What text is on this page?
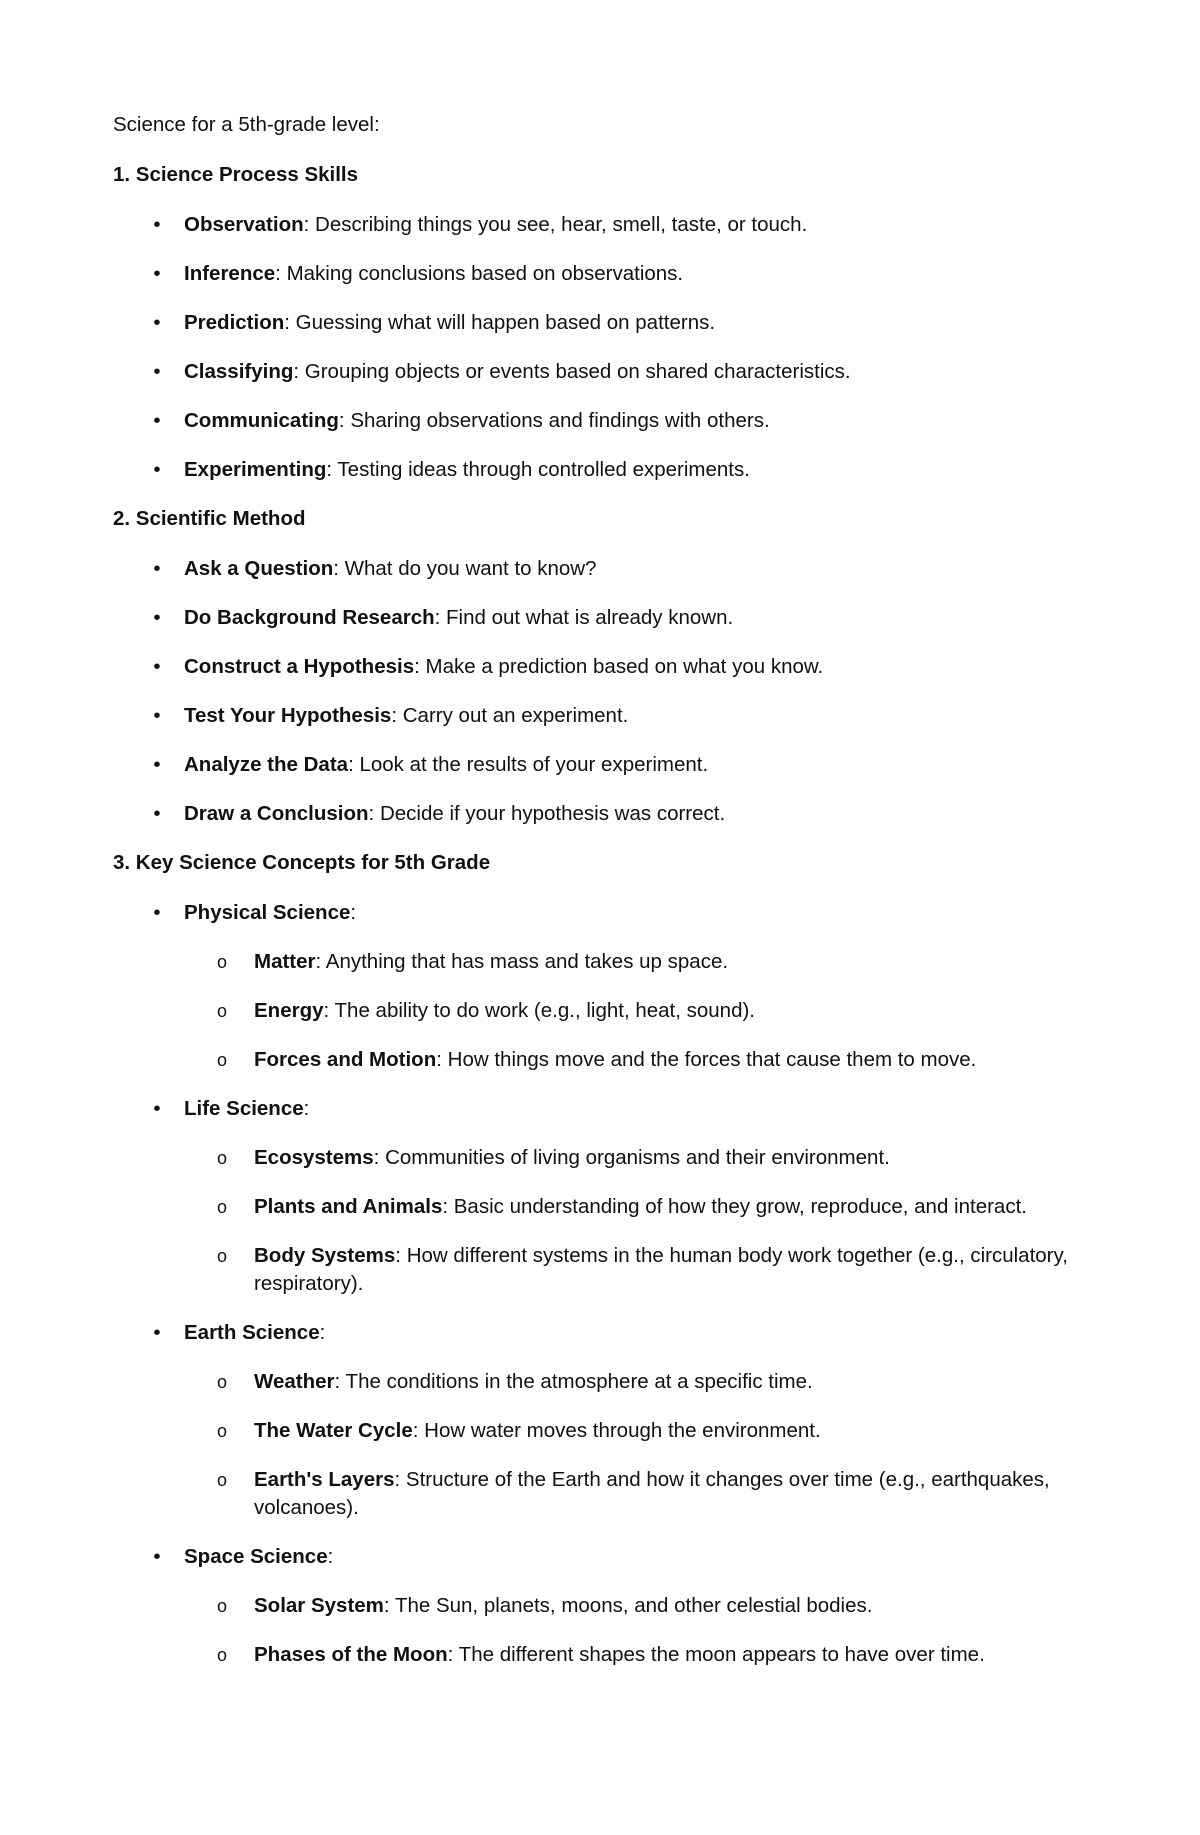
Science for a 5th-grade level:

1. Science Process Skills

• Observation: Describing things you see, hear, smell, taste, or touch.
• Inference: Making conclusions based on observations.
• Prediction: Guessing what will happen based on patterns.
• Classifying: Grouping objects or events based on shared characteristics.
• Communicating: Sharing observations and findings with others.
• Experimenting: Testing ideas through controlled experiments.

2. Scientific Method

• Ask a Question: What do you want to know?
• Do Background Research: Find out what is already known.
• Construct a Hypothesis: Make a prediction based on what you know.
• Test Your Hypothesis: Carry out an experiment.
• Analyze the Data: Look at the results of your experiment.
• Draw a Conclusion: Decide if your hypothesis was correct.

3. Key Science Concepts for 5th Grade

• Physical Science:
o Matter: Anything that has mass and takes up space.
o Energy: The ability to do work (e.g., light, heat, sound).
o Forces and Motion: How things move and the forces that cause them to move.
• Life Science:
o Ecosystems: Communities of living organisms and their environment.
o Plants and Animals: Basic understanding of how they grow, reproduce, and interact.
o Body Systems: How different systems in the human body work together (e.g., circulatory, respiratory).
• Earth Science:
o Weather: The conditions in the atmosphere at a specific time.
o The Water Cycle: How water moves through the environment.
o Earth's Layers: Structure of the Earth and how it changes over time (e.g., earthquakes, volcanoes).
• Space Science:
o Solar System: The Sun, planets, moons, and other celestial bodies.
o Phases of the Moon: The different shapes the moon appears to have over time.
